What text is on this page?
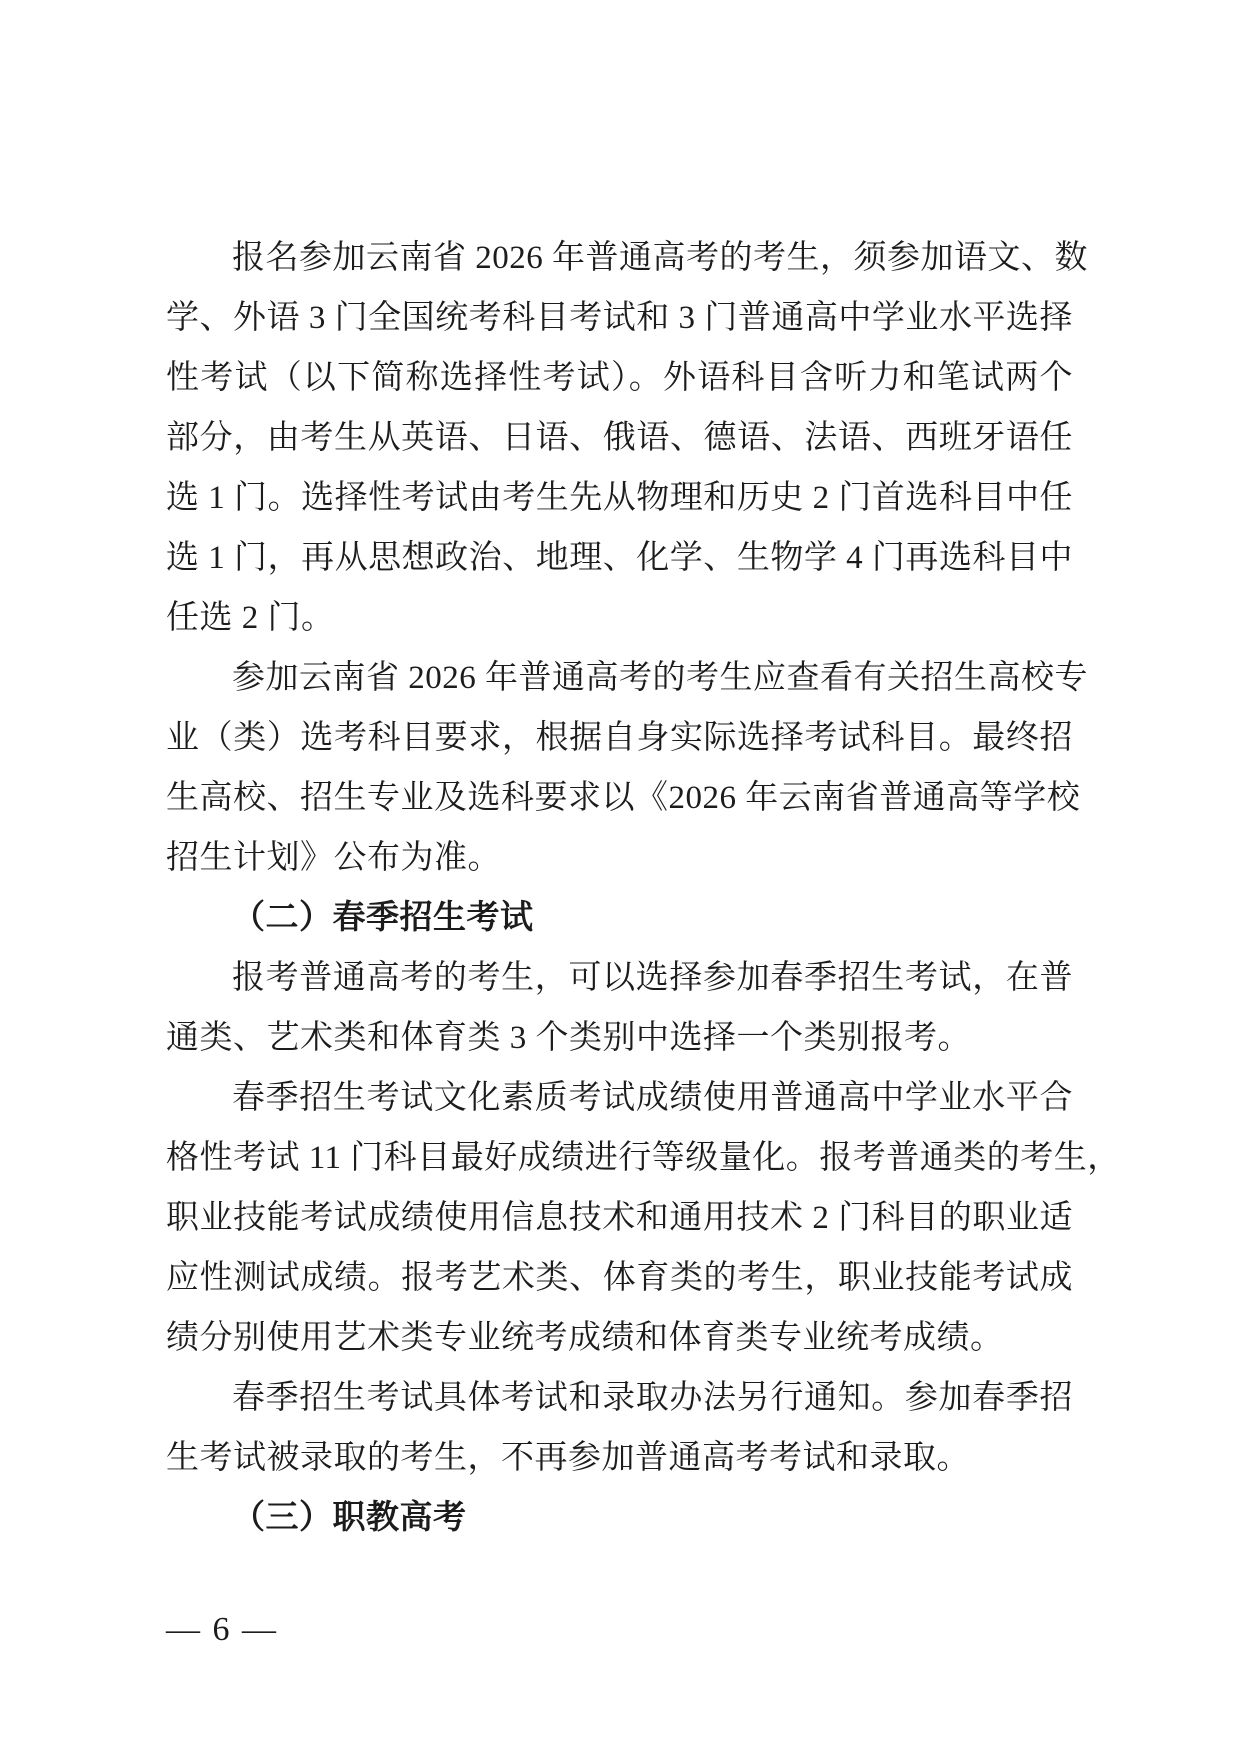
报名参加云南省 2026 年普通高考的考生，须参加语文、数
学、外语 3 门全国统考科目考试和 3 门普通高中学业水平选择
性考试（以下简称选择性考试）。外语科目含听力和笔试两个
部分，由考生从英语、日语、俄语、德语、法语、西班牙语任
选 1 门。选择性考试由考生先从物理和历史 2 门首选科目中任
选 1 门，再从思想政治、地理、化学、生物学 4 门再选科目中
任选 2 门。
参加云南省 2026 年普通高考的考生应查看有关招生高校专
业（类）选考科目要求，根据自身实际选择考试科目。最终招
生高校、招生专业及选科要求以《2026 年云南省普通高等学校
招生计划》公布为准。
（二）春季招生考试
报考普通高考的考生，可以选择参加春季招生考试，在普
通类、艺术类和体育类 3 个类别中选择一个类别报考。
春季招生考试文化素质考试成绩使用普通高中学业水平合
格性考试 11 门科目最好成绩进行等级量化。报考普通类的考生，
职业技能考试成绩使用信息技术和通用技术 2 门科目的职业适
应性测试成绩。报考艺术类、体育类的考生，职业技能考试成
绩分别使用艺术类专业统考成绩和体育类专业统考成绩。
春季招生考试具体考试和录取办法另行通知。参加春季招
生考试被录取的考生，不再参加普通高考考试和录取。
（三）职教高考
— 6 —
